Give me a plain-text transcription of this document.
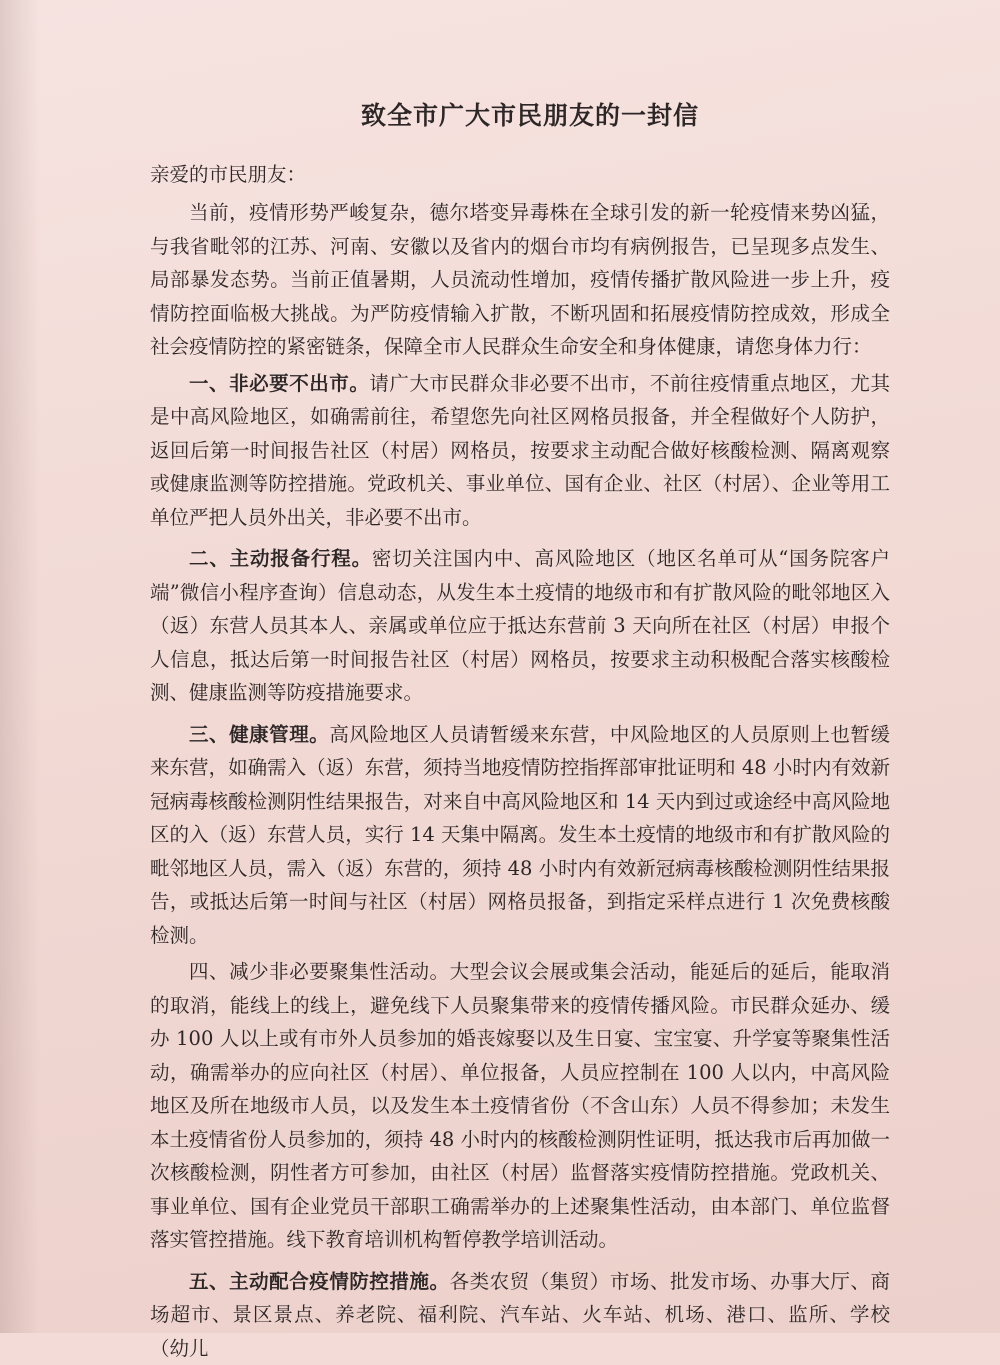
致全市广大市民朋友的一封信
亲爱的市民朋友：

当前，疫情形势严峻复杂，德尔塔变异毒株在全球引发的新一轮疫情来势凶猛，与我省毗邻的江苏、河南、安徽以及省内的烟台市均有病例报告，已呈现多点发生、局部暴发态势。当前正值暑期，人员流动性增加，疫情传播扩散风险进一步上升，疫情防控面临极大挑战。为严防疫情输入扩散，不断巩固和拓展疫情防控成效，形成全社会疫情防控的紧密链条，保障全市人民群众生命安全和身体健康，请您身体力行：

一、非必要不出市。请广大市民群众非必要不出市，不前往疫情重点地区，尤其是中高风险地区，如确需前往，希望您先向社区网格员报备，并全程做好个人防护，返回后第一时间报告社区（村居）网格员，按要求主动配合做好核酸检测、隔离观察或健康监测等防控措施。党政机关、事业单位、国有企业、社区（村居）、企业等用工单位严把人员外出关，非必要不出市。

二、主动报备行程。密切关注国内中、高风险地区（地区名单可从“国务院客户端”微信小程序查询）信息动态，从发生本土疫情的地级市和有扩散风险的毗邻地区入（返）东营人员其本人、亲属或单位应于抵达东营前 3 天向所在社区（村居）申报个人信息，抵达后第一时间报告社区（村居）网格员，按要求主动积极配合落实核酸检测、健康监测等防疫措施要求。

三、健康管理。高风险地区人员请暂缓来东营，中风险地区的人员原则上也暂缓来东营，如确需入（返）东营，须持当地疫情防控指挥部审批证明和 48 小时内有效新冠病毒核酸检测阴性结果报告，对来自中高风险地区和 14 天内到过或途经中高风险地区的入（返）东营人员，实行 14 天集中隔离。发生本土疫情的地级市和有扩散风险的毗邻地区人员，需入（返）东营的，须持 48 小时内有效新冠病毒核酸检测阴性结果报告，或抵达后第一时间与社区（村居）网格员报备，到指定采样点进行 1 次免费核酸检测。

四、减少非必要聚集性活动。大型会议会展或集会活动，能延后的延后，能取消的取消，能线上的线上，避免线下人员聚集带来的疫情传播风险。市民群众延办、缓办 100 人以上或有市外人员参加的婚丧嫁娶以及生日宴、宝宝宴、升学宴等聚集性活动，确需举办的应向社区（村居）、单位报备，人员应控制在 100 人以内，中高风险地区及所在地级市人员，以及发生本土疫情省份（不含山东）人员不得参加；未发生本土疫情省份人员参加的，须持 48 小时内的核酸检测阴性证明，抵达我市后再加做一次核酸检测，阴性者方可参加，由社区（村居）监督落实疫情防控措施。党政机关、事业单位、国有企业党员干部职工确需举办的上述聚集性活动，由本部门、单位监督落实管控措施。线下教育培训机构暂停教学培训活动。

五、主动配合疫情防控措施。各类农贸（集贸）市场、批发市场、办事大厅、商场超市、景区景点、养老院、福利院、汽车站、火车站、机场、港口、监所、学校（幼儿
